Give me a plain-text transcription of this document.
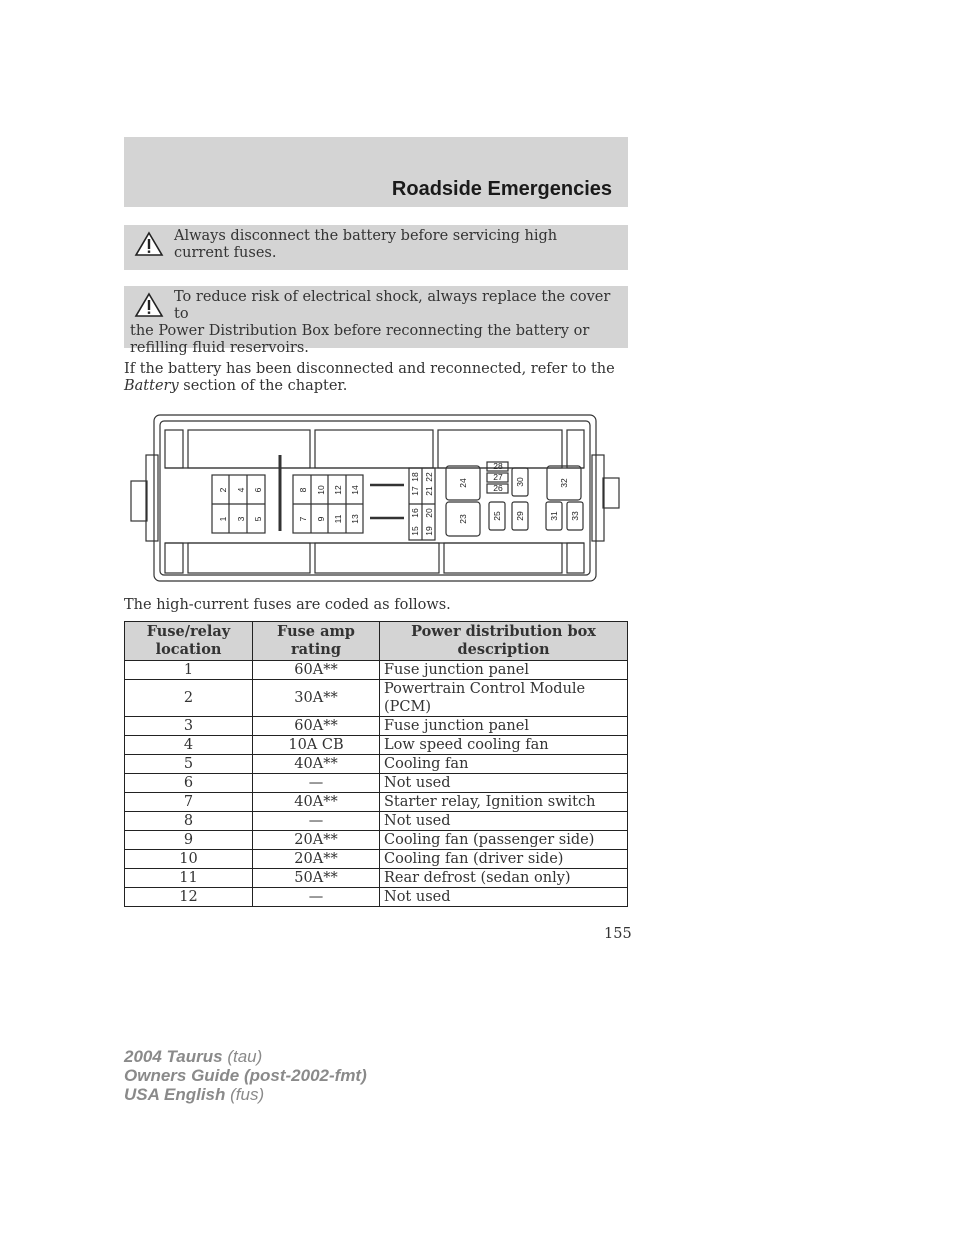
Roadside Emergencies
Always disconnect the battery before servicing high current fuses.
To reduce risk of electrical shock, always replace the cover to
the Power Distribution Box before reconnecting the battery or refilling fluid reservoirs.
If the battery has been disconnected and reconnected, refer to the Battery section of the chapter.
2 4 6
1 3 5
8 10 12 14
7 9 11 13
17
18
21
22
15
16
19
20
24
23
28
27
26
25
30
29
32
31 33
The high-current fuses are coded as follows.
Fuse/relay
location	Fuse amp
rating	Power distribution box
description
1	60A**	Fuse junction panel
2	30A**	Powertrain Control Module (PCM)
3	60A**	Fuse junction panel
4	10A CB	Low speed cooling fan
5	40A**	Cooling fan
6	—	Not used
7	40A**	Starter relay, Ignition switch
8	—	Not used
9	20A**	Cooling fan (passenger side)
10	20A**	Cooling fan (driver side)
11	50A**	Rear defrost (sedan only)
12	—	Not used
155
2004 Taurus (tau)
Owners Guide (post-2002-fmt)
USA English (fus)
